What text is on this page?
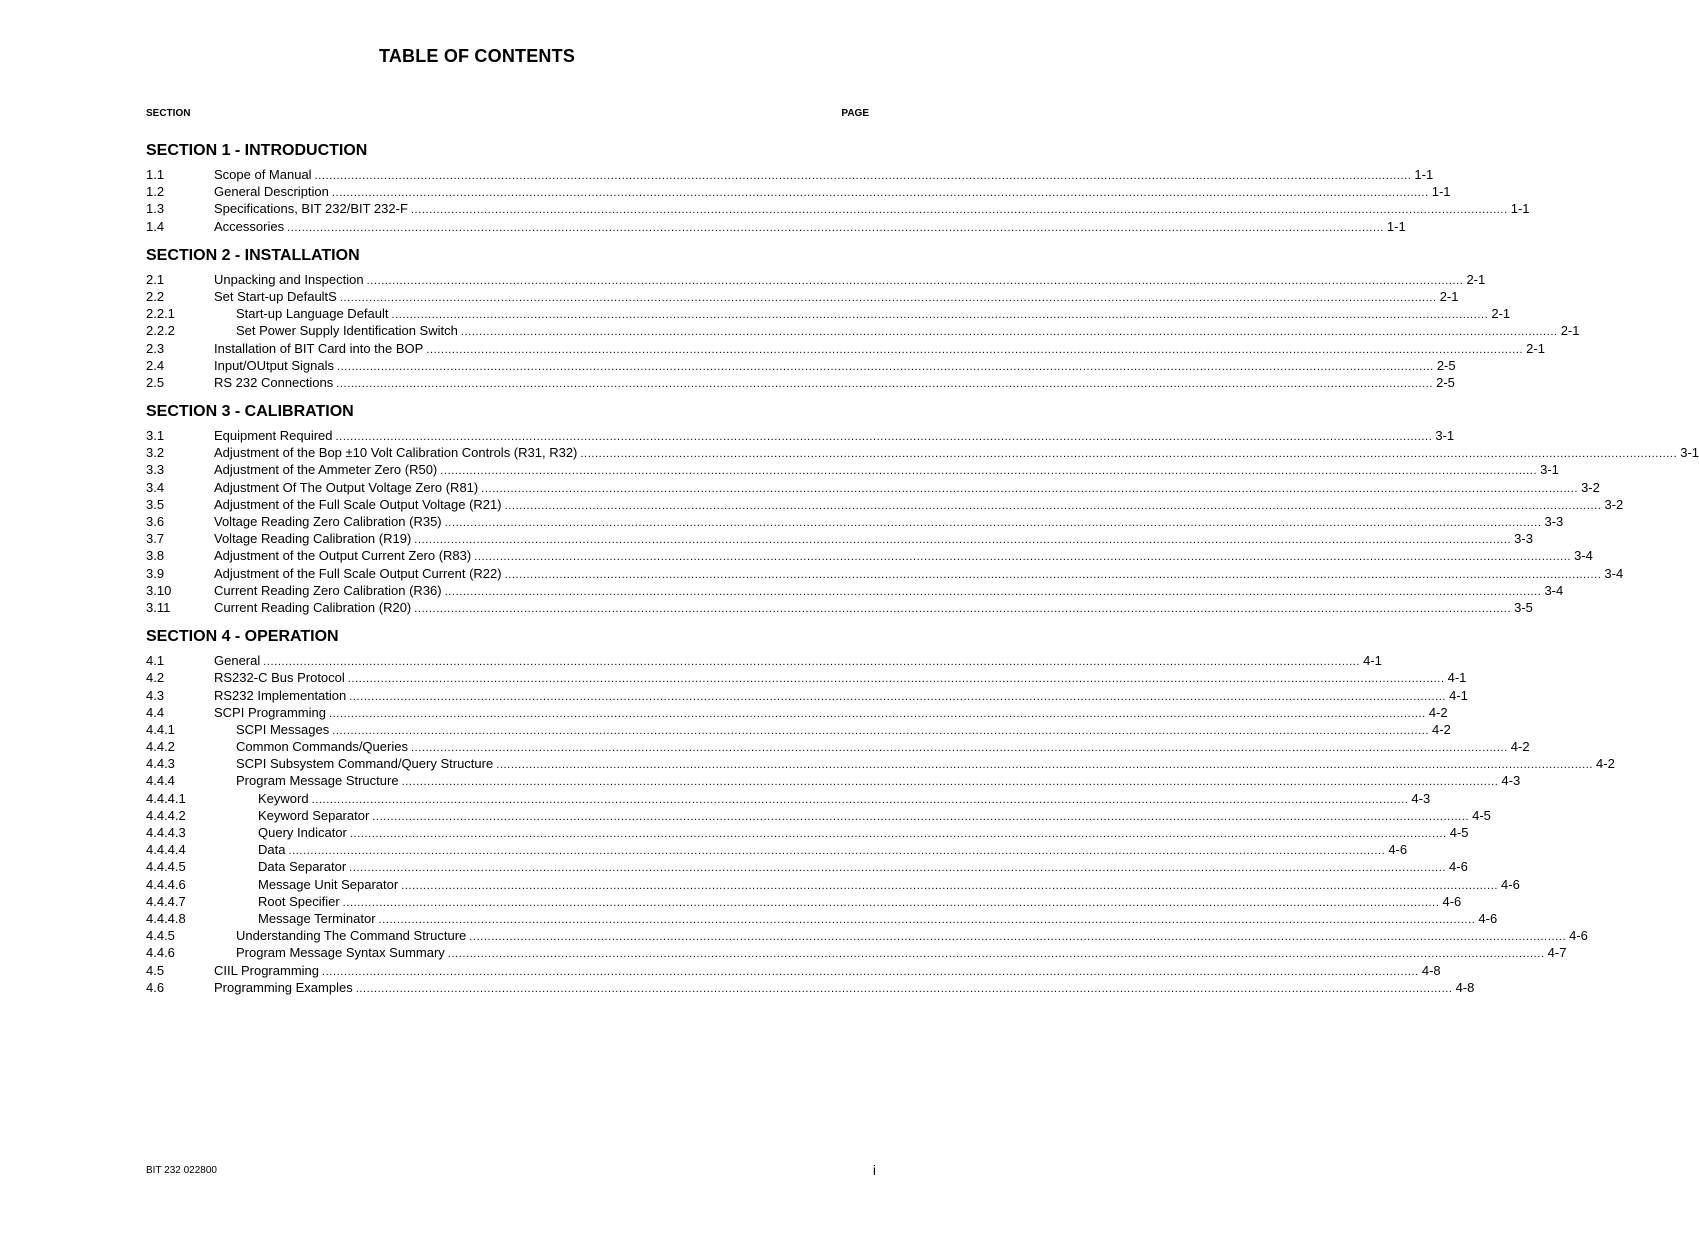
TABLE OF CONTENTS
SECTION	PAGE
SECTION 1 - INTRODUCTION
1.1	Scope of Manual ............................................................................................................................................................................................................................................................................................................ 1-1
1.2	General Description ............................................................................................................................................................................................................................................................................................................ 1-1
1.3	Specifications, BIT 232/BIT 232-F ............................................................................................................................................................................................................................................................................................................ 1-1
1.4	Accessories ............................................................................................................................................................................................................................................................................................................ 1-1
SECTION 2 - INSTALLATION
2.1	Unpacking and Inspection ............................................................................................................................................................................................................................................................................................................ 2-1
2.2	Set Start-up DefaultS ............................................................................................................................................................................................................................................................................................................ 2-1
2.2.1	Start-up Language Default ............................................................................................................................................................................................................................................................................................................ 2-1
2.2.2	Set Power Supply Identification Switch ............................................................................................................................................................................................................................................................................................................ 2-1
2.3	Installation of BIT Card into the BOP ............................................................................................................................................................................................................................................................................................................ 2-1
2.4	Input/OUtput Signals ............................................................................................................................................................................................................................................................................................................ 2-5
2.5	RS 232 Connections ............................................................................................................................................................................................................................................................................................................ 2-5
SECTION 3 - CALIBRATION
3.1	Equipment Required ............................................................................................................................................................................................................................................................................................................ 3-1
3.2	Adjustment of the Bop ±10 Volt Calibration Controls (R31, R32) ............................................................................................................................................................................................................................................................................................................ 3-1
3.3	Adjustment of the Ammeter Zero (R50) ............................................................................................................................................................................................................................................................................................................ 3-1
3.4	Adjustment Of The Output Voltage Zero (R81) ............................................................................................................................................................................................................................................................................................................ 3-2
3.5	Adjustment of the Full Scale Output Voltage (R21) ............................................................................................................................................................................................................................................................................................................ 3-2
3.6	Voltage Reading Zero Calibration (R35) ............................................................................................................................................................................................................................................................................................................ 3-3
3.7	Voltage Reading Calibration (R19) ............................................................................................................................................................................................................................................................................................................ 3-3
3.8	Adjustment of the Output Current Zero (R83) ............................................................................................................................................................................................................................................................................................................ 3-4
3.9	Adjustment of the Full Scale Output Current (R22) ............................................................................................................................................................................................................................................................................................................ 3-4
3.10	Current Reading Zero Calibration (R36) ............................................................................................................................................................................................................................................................................................................ 3-4
3.11	Current Reading Calibration (R20) ............................................................................................................................................................................................................................................................................................................ 3-5
SECTION 4 - OPERATION
4.1	General ............................................................................................................................................................................................................................................................................................................ 4-1
4.2	RS232-C Bus Protocol ............................................................................................................................................................................................................................................................................................................ 4-1
4.3	RS232 Implementation ............................................................................................................................................................................................................................................................................................................ 4-1
4.4	SCPI Programming ............................................................................................................................................................................................................................................................................................................ 4-2
4.4.1	SCPI Messages ............................................................................................................................................................................................................................................................................................................ 4-2
4.4.2	Common Commands/Queries ............................................................................................................................................................................................................................................................................................................ 4-2
4.4.3	SCPI Subsystem Command/Query Structure ............................................................................................................................................................................................................................................................................................................ 4-2
4.4.4	Program Message Structure ............................................................................................................................................................................................................................................................................................................ 4-3
4.4.4.1	Keyword ............................................................................................................................................................................................................................................................................................................ 4-3
4.4.4.2	Keyword Separator ............................................................................................................................................................................................................................................................................................................ 4-5
4.4.4.3	Query Indicator ............................................................................................................................................................................................................................................................................................................ 4-5
4.4.4.4	Data ............................................................................................................................................................................................................................................................................................................ 4-6
4.4.4.5	Data Separator ............................................................................................................................................................................................................................................................................................................ 4-6
4.4.4.6	Message Unit Separator ............................................................................................................................................................................................................................................................................................................ 4-6
4.4.4.7	Root Specifier ............................................................................................................................................................................................................................................................................................................ 4-6
4.4.4.8	Message Terminator ............................................................................................................................................................................................................................................................................................................ 4-6
4.4.5	Understanding The Command Structure ............................................................................................................................................................................................................................................................................................................ 4-6
4.4.6	Program Message Syntax Summary ............................................................................................................................................................................................................................................................................................................ 4-7
4.5	CIIL Programming ............................................................................................................................................................................................................................................................................................................ 4-8
4.6	Programming Examples ............................................................................................................................................................................................................................................................................................................ 4-8
BIT 232 022800	i
